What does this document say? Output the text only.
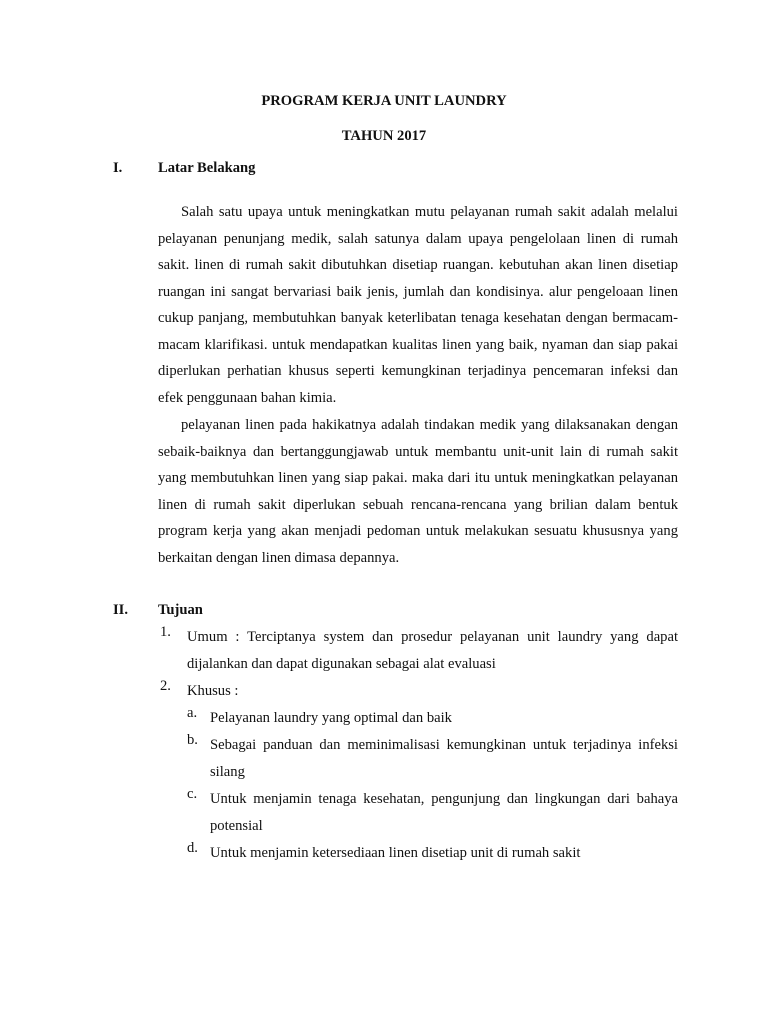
PROGRAM KERJA UNIT LAUNDRY
TAHUN 2017
I. Latar Belakang

Salah satu upaya untuk meningkatkan mutu pelayanan rumah sakit adalah melalui pelayanan penunjang medik, salah satunya dalam upaya pengelolaan linen di rumah sakit. linen di rumah sakit dibutuhkan disetiap ruangan. kebutuhan akan linen disetiap ruangan ini sangat bervariasi baik jenis, jumlah dan kondisinya. alur pengeloaan linen cukup panjang, membutuhkan banyak keterlibatan tenaga kesehatan dengan bermacam-macam klarifikasi. untuk mendapatkan kualitas linen yang baik, nyaman dan siap pakai diperlukan perhatian khusus seperti kemungkinan terjadinya pencemaran infeksi dan efek penggunaan bahan kimia.

pelayanan linen pada hakikatnya adalah tindakan medik yang dilaksanakan dengan sebaik-baiknya dan bertanggungjawab untuk membantu unit-unit lain di rumah sakit yang membutuhkan linen yang siap pakai. maka dari itu untuk meningkatkan pelayanan linen di rumah sakit diperlukan sebuah rencana-rencana yang brilian dalam bentuk program kerja yang akan menjadi pedoman untuk melakukan sesuatu khususnya yang berkaitan dengan linen dimasa depannya.

II. Tujuan
1. Umum : Terciptanya system dan prosedur pelayanan unit laundry yang dapat dijalankan dan dapat digunakan sebagai alat evaluasi
2. Khusus :
a. Pelayanan laundry yang optimal dan baik
b. Sebagai panduan dan meminimalisasi kemungkinan untuk terjadinya infeksi silang
c. Untuk menjamin tenaga kesehatan, pengunjung dan lingkungan dari bahaya potensial
d. Untuk menjamin ketersediaan linen disetiap unit di rumah sakit
